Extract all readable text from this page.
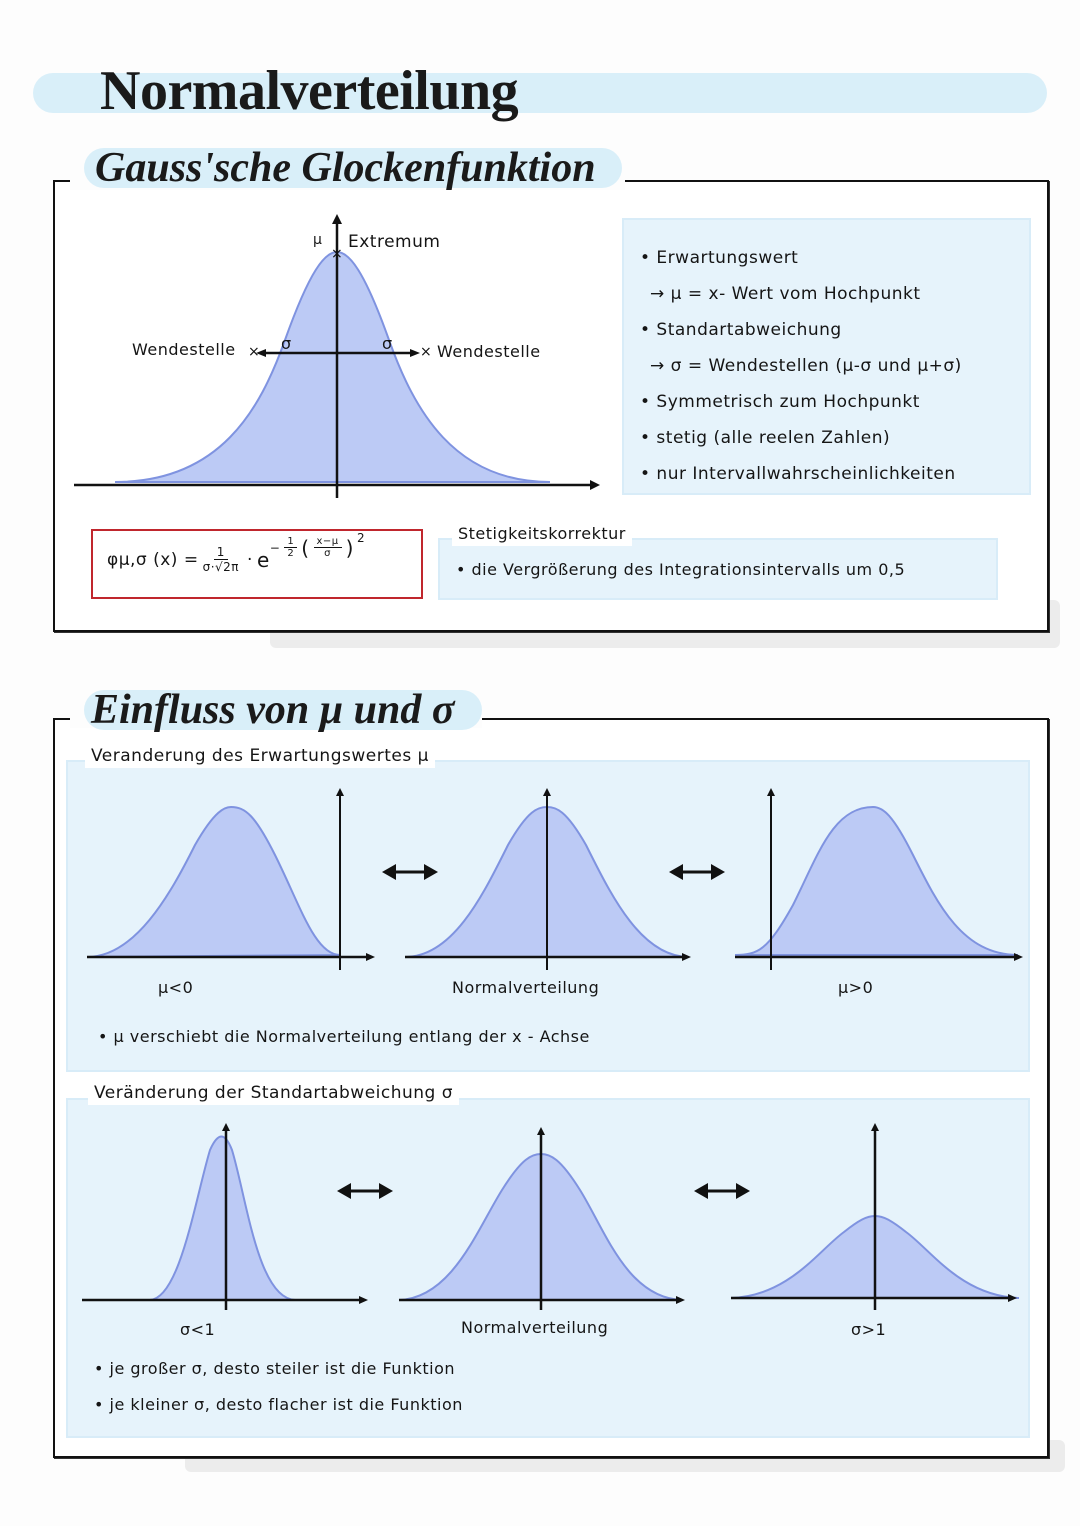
Normalverteilung
Gauss'sche Glockenfunktion
×
×	×
μ Extremum
Wendestelle	Wendestelle
σ	σ
• Erwartungswert
→ μ = x- Wert vom Hochpunkt
• Standartabweichung
→ σ = Wendestellen (μ-σ und μ+σ)
• Symmetrisch zum Hochpunkt
• stetig (alle reelen Zahlen)
• nur Intervallwahrscheinlichkeiten
φμ,σ $(x) = \frac{1}{\sigma\cdot√2\pi} \cdot e - \frac{1}{2}$ ( $\frac{x-\mu}{\sigma}$ ) 2	Stetigkeitskorrektur
• die Vergrößerung des Integrationsintervalls um 0,5
Einfluss von μ und σ
Veranderung des Erwartungswertes μ
μ<0	Normalverteilung	μ>0
• μ verschiebt die Normalverteilung entlang der x - Achse
Veränderung der Standartabweichung σ
σ<1	Normalverteilung	σ>1
• je großer σ, desto steiler ist die Funktion
• je kleiner σ, desto flacher ist die Funktion
